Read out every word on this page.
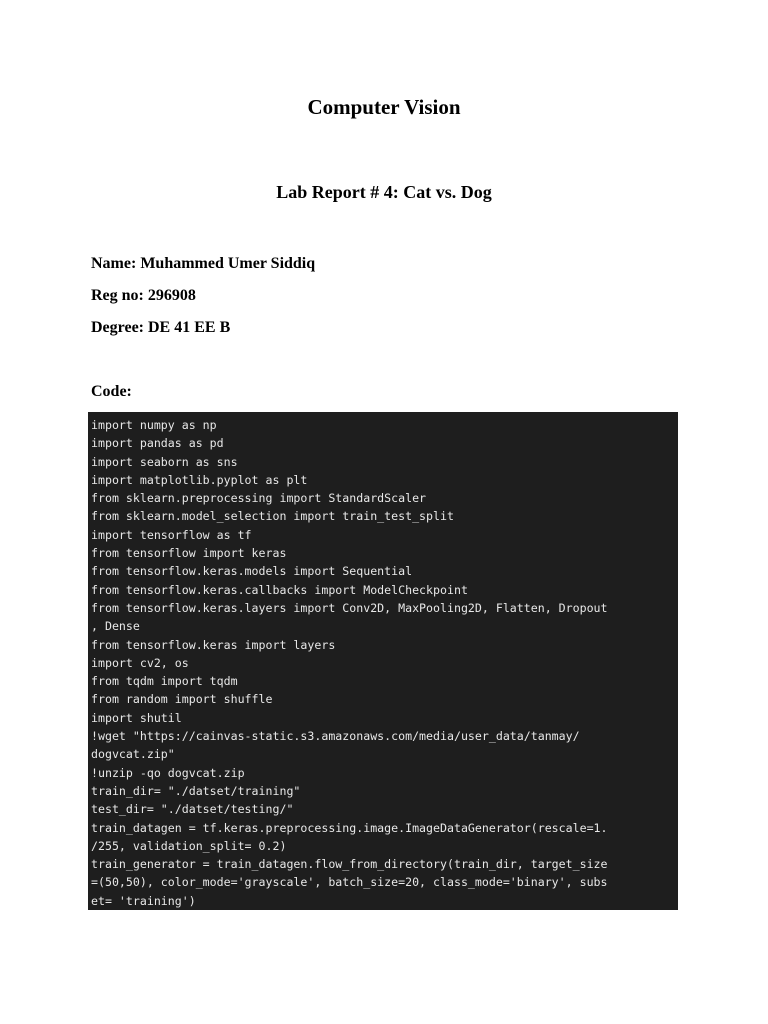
Computer Vision
Lab Report # 4: Cat vs. Dog
Name: Muhammed Umer Siddiq
Reg no: 296908
Degree: DE 41 EE B
Code:
import numpy as np
import pandas as pd
import seaborn as sns
import matplotlib.pyplot as plt
from sklearn.preprocessing import StandardScaler
from sklearn.model_selection import train_test_split
import tensorflow as tf
from tensorflow import keras
from tensorflow.keras.models import Sequential
from tensorflow.keras.callbacks import ModelCheckpoint
from tensorflow.keras.layers import Conv2D, MaxPooling2D, Flatten, Dropout
, Dense
from tensorflow.keras import layers
import cv2, os
from tqdm import tqdm
from random import shuffle
import shutil
!wget "https://cainvas-static.s3.amazonaws.com/media/user_data/tanmay/
dogvcat.zip"
!unzip -qo dogvcat.zip
train_dir= "./datset/training"
test_dir= "./datset/testing/"
train_datagen = tf.keras.preprocessing.image.ImageDataGenerator(rescale=1.
/255, validation_split= 0.2)
train_generator = train_datagen.flow_from_directory(train_dir, target_size
=(50,50), color_mode='grayscale', batch_size=20, class_mode='binary', subs
et= 'training')
